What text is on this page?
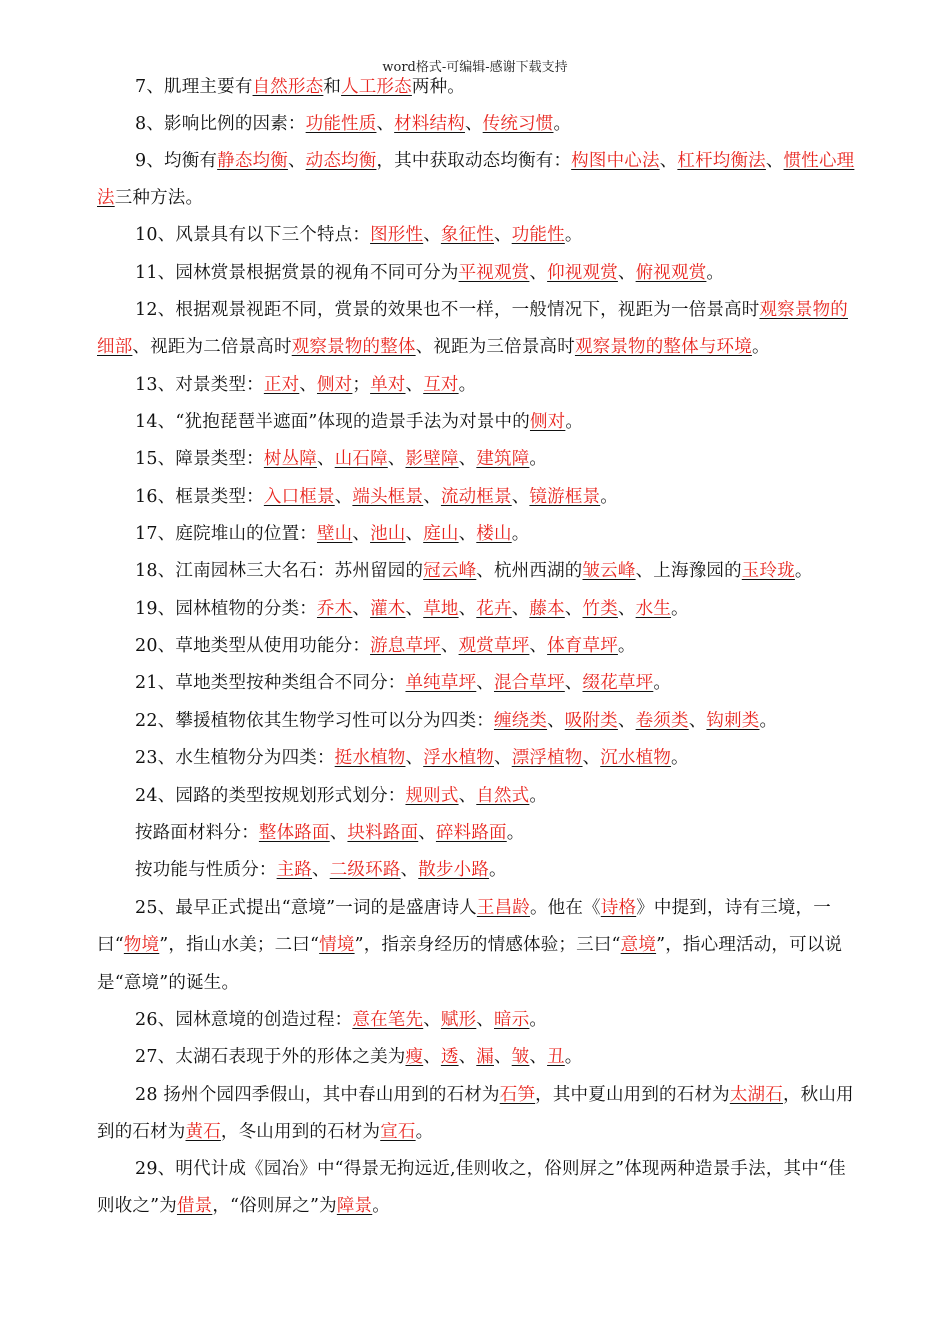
word格式-可编辑-感谢下载支持
7、肌理主要有自然形态和人工形态两种。
8、影响比例的因素：功能性质、材料结构、传统习惯。
9、均衡有静态均衡、动态均衡，其中获取动态均衡有：构图中心法、杠杆均衡法、惯性心理法三种方法。
10、风景具有以下三个特点：图形性、象征性、功能性。
11、园林赏景根据赏景的视角不同可分为平视观赏、仰视观赏、俯视观赏。
12、根据观景视距不同，赏景的效果也不一样，一般情况下，视距为一倍景高时观察景物的细部、视距为二倍景高时观察景物的整体、视距为三倍景高时观察景物的整体与环境。
13、对景类型：正对、侧对；单对、互对。
14、“犹抱琵琶半遮面”体现的造景手法为对景中的侧对。
15、障景类型：树丛障、山石障、影壁障、建筑障。
16、框景类型：入口框景、端头框景、流动框景、镜游框景。
17、庭院堆山的位置：壁山、池山、庭山、楼山。
18、江南园林三大名石：苏州留园的冠云峰、杭州西湖的皱云峰、上海豫园的玉玲珑。
19、园林植物的分类：乔木、灌木、草地、花卉、藤本、竹类、水生。
20、草地类型从使用功能分：游息草坪、观赏草坪、体育草坪。
21、草地类型按种类组合不同分：单纯草坪、混合草坪、缀花草坪。
22、攀援植物依其生物学习性可以分为四类：缠绕类、吸附类、卷须类、钩刺类。
23、水生植物分为四类：挺水植物、浮水植物、漂浮植物、沉水植物。
24、园路的类型按规划形式划分：规则式、自然式。
按路面材料分：整体路面、块料路面、碎料路面。
按功能与性质分：主路、二级环路、散步小路。
25、最早正式提出“意境”一词的是盛唐诗人王昌龄。他在《诗格》中提到，诗有三境，一曰“物境”，指山水美；二曰“情境”，指亲身经历的情感体验；三曰“意境”，指心理活动，可以说是“意境”的诞生。
26、园林意境的创造过程：意在笔先、赋形、暗示。
27、太湖石表现于外的形体之美为瘦、透、漏、皱、丑。
28 扬州个园四季假山，其中春山用到的石材为石笋，其中夏山用到的石材为太湖石，秋山用到的石材为黄石，冬山用到的石材为宣石。
29、明代计成《园冶》中“得景无拘远近,佳则收之，俗则屏之”体现两种造景手法，其中“佳则收之”为借景，“俗则屏之”为障景。
